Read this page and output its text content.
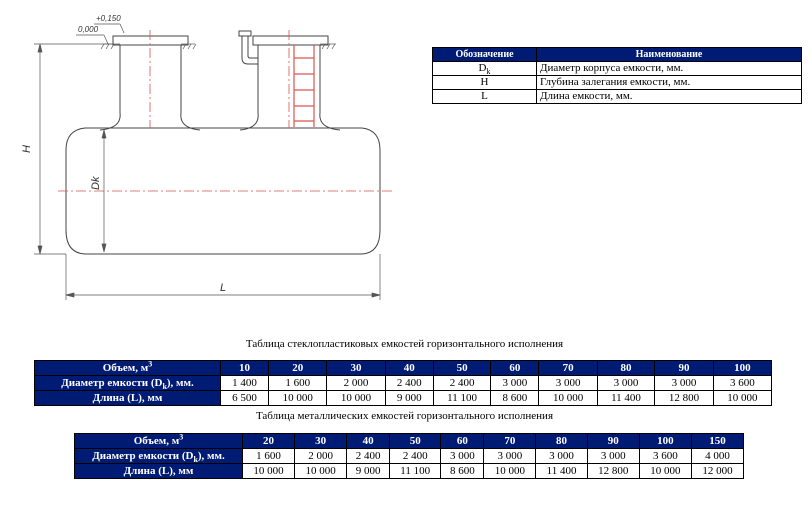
+0,150
0,000
H
Dk
L
Обозначение	Наименование
$D_k$	Диаметр корпуса емкости, мм.
H	Глубина залегания емкости, мм.
L	Длина емкости, мм.
Таблица стеклопластиковых емкостей горизонтального исполнения
Объем, $м^3$	10	20	30	40	50	60	70	80	90	100
Диаметр емкости $(D_k)$, мм.	1 400	1 600	2 000	2 400	2 400	3 000	3 000	3 000	3 000	3 600
Длина (L), мм	6 500	10 000	10 000	9 000	11 100	8 600	10 000	11 400	12 800	10 000
Таблица металлических емкостей горизонтального исполнения
Объем, $м^3$	20	30	40	50	60	70	80	90	100	150
Диаметр емкости $(D_k)$, мм.	1 600	2 000	2 400	2 400	3 000	3 000	3 000	3 000	3 600	4 000
Длина (L), мм	10 000	10 000	9 000	11 100	8 600	10 000	11 400	12 800	10 000	12 000
